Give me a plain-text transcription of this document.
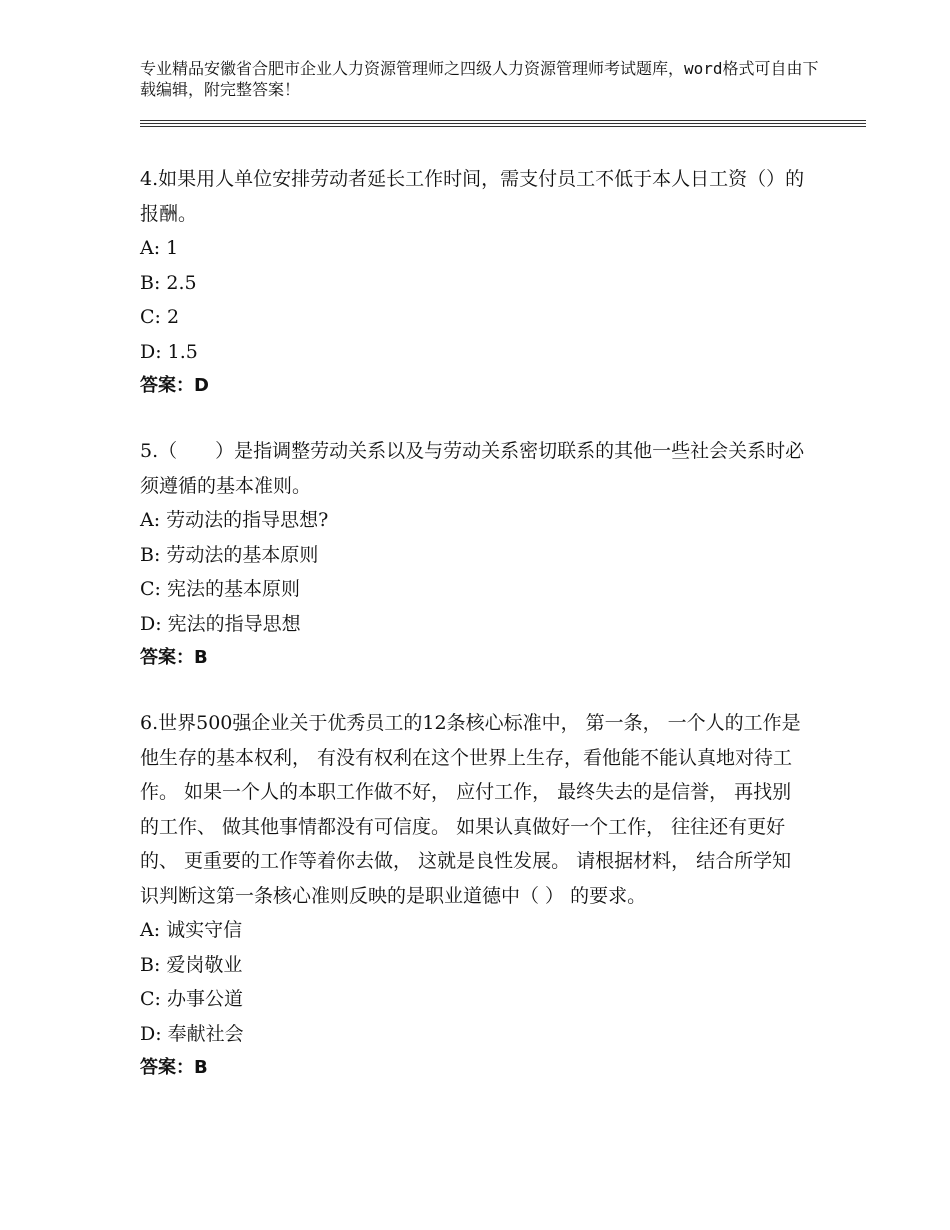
专业精品安徽省合肥市企业人力资源管理师之四级人力资源管理师考试题库，word格式可自由下载编辑，附完整答案！

4.如果用人单位安排劳动者延长工作时间，需支付员工不低于本人日工资（）的报酬。

A: 1

B: 2.5

C: 2

D: 1.5

答案：D

5.（　　）是指调整劳动关系以及与劳动关系密切联系的其他一些社会关系时必须遵循的基本准则。

A: 劳动法的指导思想?

B: 劳动法的基本原则

C: 宪法的基本原则

D: 宪法的指导思想

答案：B

6.世界500强企业关于优秀员工的12条核心标准中， 第一条， 一个人的工作是他生存的基本权利， 有没有权利在这个世界上生存，看他能不能认真地对待工作。 如果一个人的本职工作做不好， 应付工作， 最终失去的是信誉， 再找别的工作、 做其他事情都没有可信度。 如果认真做好一个工作， 往往还有更好的、 更重要的工作等着你去做， 这就是良性发展。 请根据材料， 结合所学知识判断这第一条核心准则反映的是职业道德中（ ） 的要求。

A: 诚实守信

B: 爱岗敬业

C: 办事公道

D: 奉献社会

答案：B
